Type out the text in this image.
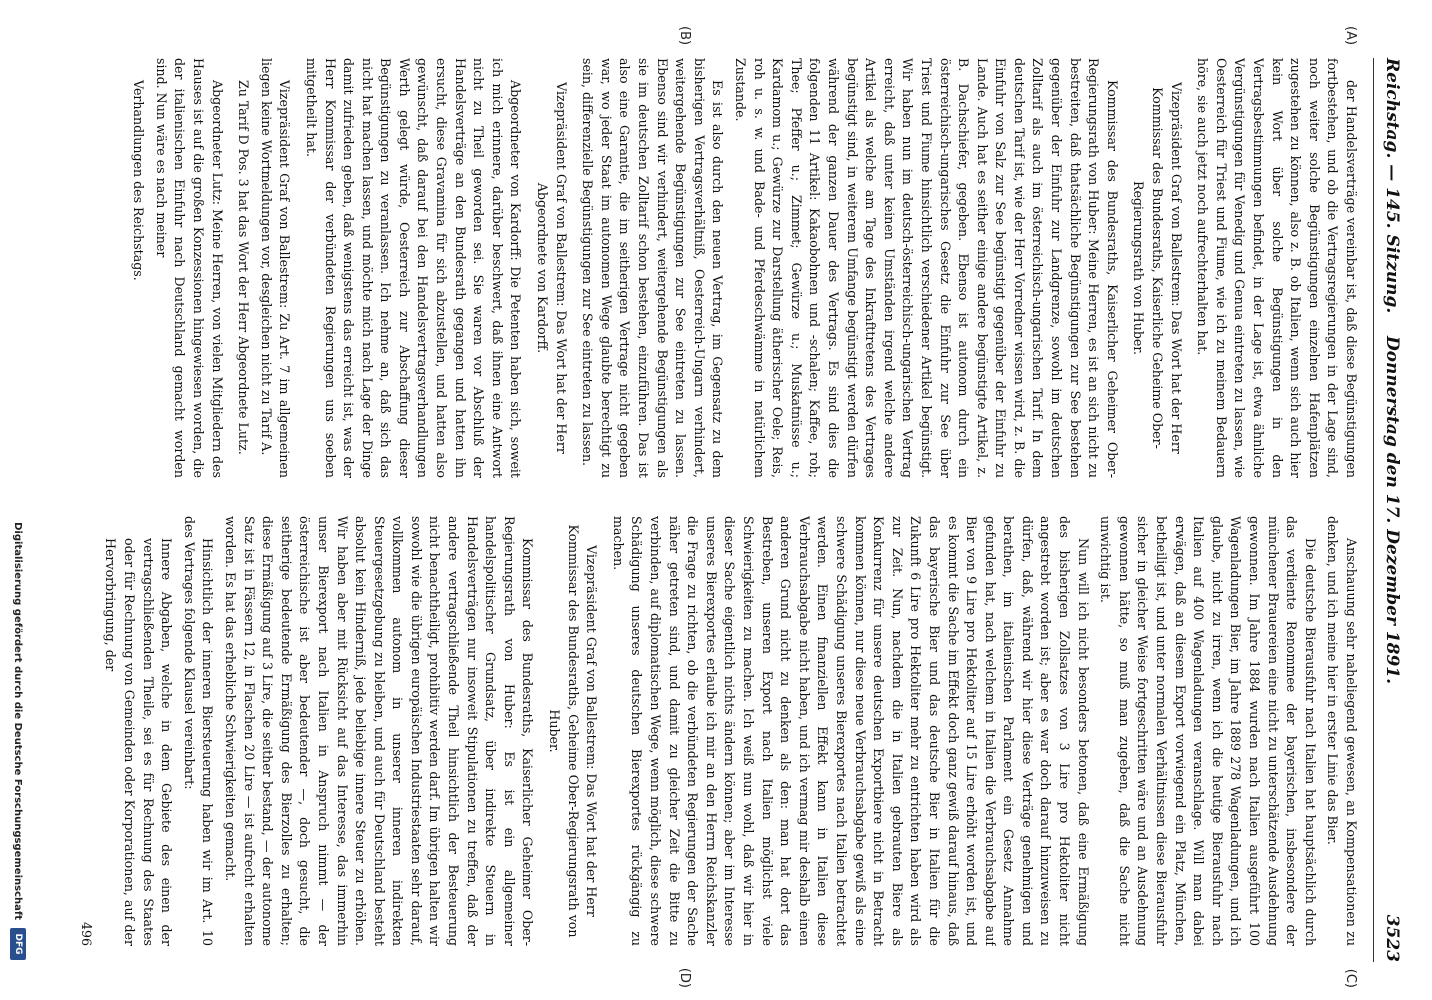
Reichstag. — 145. Sitzung.
Donnerstag den 17. Dezember 1891.
3523
(A)
(B)
(C)
(D)

der Handelsverträge vereinbar ist, daß diese Begünstigungen fortbestehen, und ob die Vertragsregierungen in der Lage sind, noch weiter solche Begünstigungen einzelnen Hafenplätzen zugestehen zu können, also z. B. ob Italien, wenn sich auch hier kein Wort über solche Begünstigungen in den Vertragsbestimmungen befindet, in der Lage ist, etwa ähnliche Vergünstigungen für Venedig und Genua eintreten zu lassen, wie Oesterreich für Triest und Fiume, wie ich zu meinem Bedauern höre, sie auch jetzt noch aufrechterhalten hat.

Vizepräsident Graf von Ballestrem: Das Wort hat der Herr Kommissar des Bundesraths, Kaiserliche Geheime Ober-Regierungsrath von Huber.

Kommissar des Bundesraths, Kaiserlicher Geheimer Ober-Regierungsrath von Huber: Meine Herren, es ist an sich nicht zu bestreiten, daß thatsächliche Begünstigungen zur See bestehen gegenüber der Einfuhr zur Landgrenze, sowohl im deutschen Zolltarif als auch im österreichisch-ungarischen Tarif. In dem deutschen Tarif ist, wie der Herr Vorredner wissen wird, z. B. die Einfuhr von Salz zur See begünstigt gegenüber der Einfuhr zu Lande. Auch hat es seither einige andere begünstigte Artikel, z. B. Dachschiefer, gegeben. Ebenso ist autonom durch ein österreichisch-ungarisches Gesetz die Einfuhr zur See über Triest und Fiume hinsichtlich verschiedener Artikel begünstigt. Wir haben nun im deutsch-österreichisch-ungarischen Vertrag erreicht, daß unter keinen Umständen irgend welche andere Artikel als welche am Tage des Inkrafttretens des Vertrages begünstigt sind, in weiterem Umfange begünstigt werden dürfen während der ganzen Dauer des Vertrags. Es sind dies die folgenden 11 Artikel: Kakaobohnen und -schalen; Kaffee, roh; Thee; Pfeffer u.; Zimmet; Gewürze u.; Muskatnüsse u.; Kardamom u.; Gewürze zur Darstellung ätherischer Oele; Reis, roh u. s. w. und Bade- und Pferdeschwämme in natürlichem Zustande.

Es ist also durch den neuen Vertrag, im Gegensatz zu dem bisherigen Vertragsverhältniß, Oesterreich-Ungarn verhindert, weitergehende Begünstigungen zur See eintreten zu lassen. Ebenso sind wir verhindert, weitergehende Begünstigungen als sie im deutschen Zolltarif schon bestehen, einzuführen. Das ist also eine Garantie, die im seitherigen Vertrage nicht gegeben war, wo jeder Staat im autonomen Wege glaubte berechtigt zu sein, differenzielle Begünstigungen zur See eintreten zu lassen.

Vizepräsident Graf von Ballestrem: Das Wort hat der Herr Abgeordnete von Kardorff.

Abgeordneter von Kardorff: Die Petenten haben sich, soweit ich mich erinnere, darüber beschwert, daß ihnen eine Antwort nicht zu Theil geworden sei. Sie waren vor Abschluß der Handelsverträge an den Bundesrath gegangen und hatten ihn ersucht, diese Gravamina für sich abzustellen, und hatten also gewünscht, daß darauf bei den Handelsvertragsverhandlungen Werth gelegt würde, Oesterreich zur Abschaffung dieser Begünstigungen zu veranlassen. Ich nehme an, daß sich das nicht hat machen lassen, und möchte mich nach Lage der Dinge damit zufrieden geben, daß wenigstens das erreicht ist, was der Herr Kommissar der verbündeten Regierungen uns soeben mitgetheilt hat.

Vizepräsident Graf von Ballestrem: Zu Art. 7 im allgemeinen liegen keine Wortmeldungen vor, desgleichen nicht zu Tarif A.

Zu Tarif D Pos. 3 hat das Wort der Herr Abgeordnete Lutz.

Abgeordneter Lutz: Meine Herren, von vielen Mitgliedern des Hauses ist auf die großen Konzessionen hingewiesen worden, die der italienischen Einfuhr nach Deutschland gemacht worden sind. Nun wäre es nach meiner

Verhandlungen des Reichstags.

Anschauung sehr naheliegend gewesen, an Kompensationen zu denken, und ich meine hier in erster Linie das Bier.

Die deutsche Bierausfuhr nach Italien hat hauptsächlich durch das verdiente Renommee der bayerischen, insbesondere der münchener Brauereien eine nicht zu unterschätzende Ausdehnung gewonnen. Im Jahre 1884 wurden nach Italien ausgeführt 100 Wagenladungen Bier, im Jahre 1889 278 Wagenladungen, und ich glaube, nicht zu irren, wenn ich die heutige Bierausfuhr nach Italien auf 400 Wagenladungen veranschlage. Will man dabei erwägen, daß an diesem Export vorwiegend ein Platz, München, betheiligt ist, und unter normalen Verhältnissen diese Bierausfuhr sicher in gleicher Weise fortgeschritten wäre und an Ausdehnung gewonnen hätte, so muß man zugeben, daß die Sache nicht unwichtig ist.

Nun will ich nicht besonders betonen, daß eine Ermäßigung des bisherigen Zollsatzes von 3 Lire pro Hektoliter nicht angestrebt worden ist; aber es war doch darauf hinzuweisen zu dürfen, daß, während wir hier diese Verträge genehmigen und berathen, im italienischen Parlament ein Gesetz Annahme gefunden hat, nach welchem in Italien die Verbrauchsabgabe auf Bier von 9 Lire pro Hektoliter auf 15 Lire erhöht worden ist, und es kommt die Sache im Effekt doch ganz gewiß darauf hinaus, daß das bayerische Bier und das deutsche Bier in Italien für die Zukunft 6 Lire pro Hektoliter mehr zu entrichten haben wird als zur Zeit. Nun, nachdem die in Italien gebrauten Biere als Konkurrenz für unsere deutschen Exportbiere nicht in Betracht kommen können, nur diese neue Verbrauchsabgabe gewiß als eine schwere Schädigung unseres Bierexportes nach Italien betrachtet werden. Einen finanziellen Effekt kann in Italien diese Verbrauchsabgabe nicht haben, und ich vermag mir deshalb einen anderen Grund nicht zu denken als den: man hat dort das Bestreben, unseren Export nach Italien möglichst viele Schwierigkeiten zu machen. Ich weiß nun wohl, daß wir hier in dieser Sache eigentlich nichts ändern können; aber im Interesse unseres Bierexportes erlaube ich mir an den Herrn Reichskanzler die Frage zu richten, ob die verbündeten Regierungen der Sache näher getreten sind, und damit zu gleicher Zeit die Bitte zu verbinden, auf diplomatischen Wege, wenn möglich, diese schwere Schädigung unseres deutschen Bierexportes rückgängig zu machen.

Vizepräsident Graf von Ballestrem: Das Wort hat der Herr Kommissar des Bundesraths, Geheime Ober-Regierungsrath von Huber.

Kommissar des Bundesraths, Kaiserlicher Geheimer Ober-Regierungsrath von Huber: Es ist ein allgemeiner handelspolitischer Grundsatz, über indirekte Steuern in Handelsverträgen nur insoweit Stipulationen zu treffen, daß der andere vertragschließende Theil hinsichtlich der Besteuerung nicht benachtheiligt, prohibitiv werden darf. Im übrigen halten wir sowohl wie die übrigen europäischen Industriestaaten sehr darauf, vollkommen autonom in unserer inneren indirekten Steuergesetzgebung zu bleiben, und auch für Deutschland besteht absolut kein Hinderniß, jede beliebige innere Steuer zu erhöhen. Wir haben aber mit Rücksicht auf das Interesse, das immerhin unser Bierexport nach Italien in Anspruch nimmt — der österreichische ist aber bedeutender —, doch gesucht, die seitherige bedeutende Ermäßigung des Bierzolles zu erhalten; diese Ermäßigung auf 3 Lire, die seither bestand, — der autonome Satz ist in Fässern 12, in Flaschen 20 Lire — ist aufrecht erhalten worden. Es hat das erhebliche Schwierigkeiten gemacht.

Hinsichtlich der inneren Biersteuerung haben wir im Art. 10 des Vertrages folgende Klausel vereinbart:

Innere Abgaben, welche in dem Gebiete des einen der vertragschließenden Theile, sei es für Rechnung des Staates oder für Rechnung von Gemeinden oder Korporationen, auf der Hervorbringung, der

496

Digitalisierung gefördert durch die Deutsche Forschungsgemeinschaft
DFG
